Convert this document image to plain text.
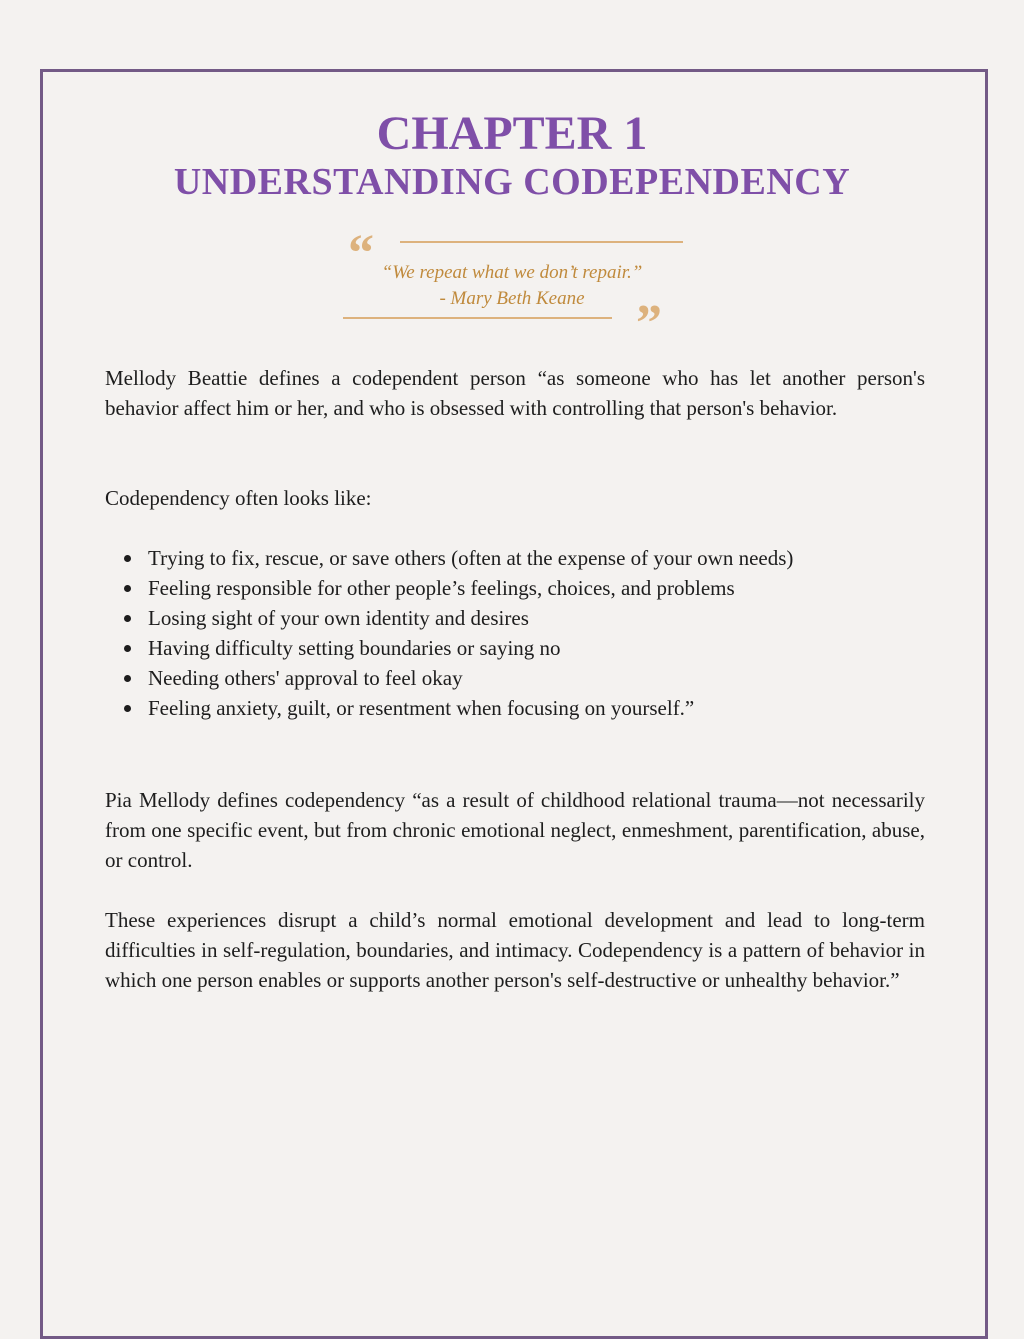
CHAPTER 1
UNDERSTANDING CODEPENDENCY
“ “We repeat what we don’t repair.”
- Mary Beth Keane ”

Mellody Beattie defines a codependent person “as someone who has let another person's behavior affect him or her, and who is obsessed with controlling that person's behavior.

Codependency often looks like:

Trying to fix, rescue, or save others (often at the expense of your own needs)
Feeling responsible for other people’s feelings, choices, and problems
Losing sight of your own identity and desires
Having difficulty setting boundaries or saying no
Needing others' approval to feel okay
Feeling anxiety, guilt, or resentment when focusing on yourself.”

Pia Mellody defines codependency “as a result of childhood relational trauma—not necessarily from one specific event, but from chronic emotional neglect, enmeshment, parentification, abuse, or control.

These experiences disrupt a child’s normal emotional development and lead to long-term difficulties in self-regulation, boundaries, and intimacy. Codependency is a pattern of behavior in which one person enables or supports another person's self-destructive or unhealthy behavior.”
